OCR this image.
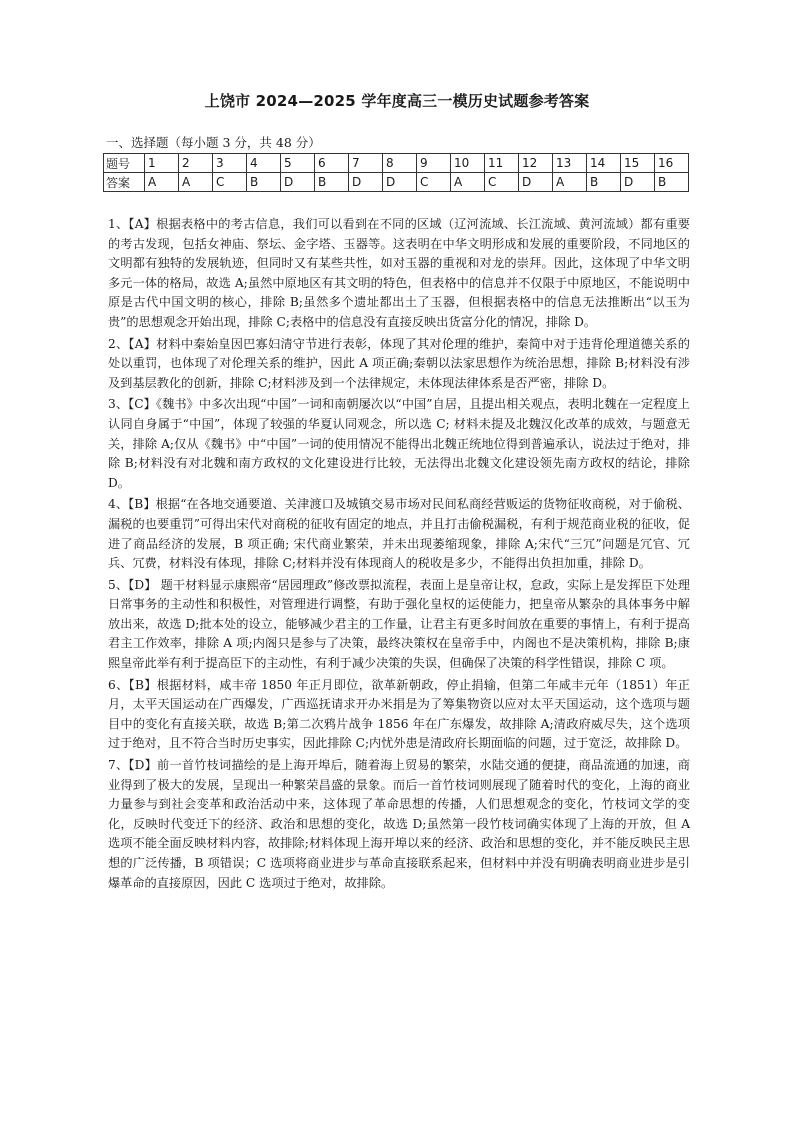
上饶市 2024—2025 学年度高三一模历史试题参考答案
一、选择题（每小题 3 分，共 48 分）
题号	1	2	3	4	5	6	7	8	9	10	11	12	13	14	15	16
答案	A	A	C	B	D	B	D	D	C	A	C	D	A	B	D	B

1、【A】根据表格中的考古信息，我们可以看到在不同的区域（辽河流域、长江流域、黄河流域）都有重要的考古发现，包括女神庙、祭坛、金字塔、玉器等。这表明在中华文明形成和发展的重要阶段，不同地区的文明都有独特的发展轨迹，但同时又有某些共性，如对玉器的重视和对龙的崇拜。因此，这体现了中华文明多元一体的格局，故选 A;虽然中原地区有其文明的特色，但表格中的信息并不仅限于中原地区，不能说明中原是古代中国文明的核心，排除 B;虽然多个遗址都出土了玉器，但根据表格中的信息无法推断出“以玉为贵”的思想观念开始出现，排除 C;表格中的信息没有直接反映出货富分化的情况，排除 D。

2、【A】材料中秦始皇因巴寡妇清守节进行表彰，体现了其对伦理的维护，秦简中对于违背伦理道德关系的处以重罚，也体现了对伦理关系的维护，因此 A 项正确;秦朝以法家思想作为统治思想，排除 B;材料没有涉及到基层教化的创新，排除 C;材料涉及到一个法律规定，未体现法律体系是否严密，排除 D。

3、【C】《魏书》中多次出现“中国”一词和南朝屡次以“中国”自居，且提出相关观点，表明北魏在一定程度上认同自身属于“中国”，体现了较强的华夏认同观念，所以选 C; 材料未提及北魏汉化改革的成效，与题意无关，排除 A;仅从《魏书》中“中国”一词的使用情况不能得出北魏正统地位得到普遍承认，说法过于绝对，排除 B;材料没有对北魏和南方政权的文化建设进行比较，无法得出北魏文化建设领先南方政权的结论，排除 D。

4、【B】根据“在各地交通要道、关津渡口及城镇交易市场对民间私商经营贩运的货物征收商税，对于偷税、漏税的也要重罚”可得出宋代对商税的征收有固定的地点，并且打击偷税漏税，有利于规范商业税的征收，促进了商品经济的发展，B 项正确; 宋代商业繁荣，并未出现萎缩现象，排除 A;宋代“三冗”问题是冗官、冗兵、冗费，材料没有体现，排除 C;材料并没有体现商人的税收是多少，不能得出负担加重，排除 D。

5、【D】 题干材料显示康熙帝“居园理政”修改票拟流程，表面上是皇帝让权，怠政，实际上是发挥臣下处理日常事务的主动性和积极性，对管理进行调整，有助于强化皇权的运使能力，把皇帝从繁杂的具体事务中解放出来，故选 D;批本处的设立，能够减少君主的工作量，让君主有更多时间放在重要的事情上，有利于提高君主工作效率，排除 A 项;内阁只是参与了决策，最终决策权在皇帝手中，内阁也不是决策机构，排除 B;康熙皇帝此举有利于提高臣下的主动性，有利于减少决策的失误，但确保了决策的科学性错误，排除 C 项。

6、【B】根据材料，咸丰帝 1850 年正月即位，欲革新朝政，停止捐输，但第二年咸丰元年（1851）年正月，太平天国运动在广西爆发，广西巡抚请求开办米捐是为了筹集物资以应对太平天国运动，这个选项与题目中的变化有直接关联，故选 B;第二次鸦片战争 1856 年在广东爆发，故排除 A;清政府威尽失，这个选项过于绝对，且不符合当时历史事实，因此排除 C;内忧外患是清政府长期面临的问题，过于宽泛，故排除 D。

7、【D】前一首竹枝词描绘的是上海开埠后，随着海上贸易的繁荣，水陆交通的便捷，商品流通的加速，商业得到了极大的发展，呈现出一种繁荣昌盛的景象。而后一首竹枝词则展现了随着时代的变化，上海的商业力量参与到社会变革和政治活动中来，这体现了革命思想的传播，人们思想观念的变化，竹枝词文学的变化，反映时代变迁下的经济、政治和思想的变化，故选 D;虽然第一段竹枝词确实体现了上海的开放，但 A 选项不能全面反映材料内容，故排除;材料体现上海开埠以来的经济、政治和思想的变化，并不能反映民主思想的广泛传播，B 项错误；C 选项将商业进步与革命直接联系起来，但材料中并没有明确表明商业进步是引爆革命的直接原因，因此 C 选项过于绝对，故排除。
